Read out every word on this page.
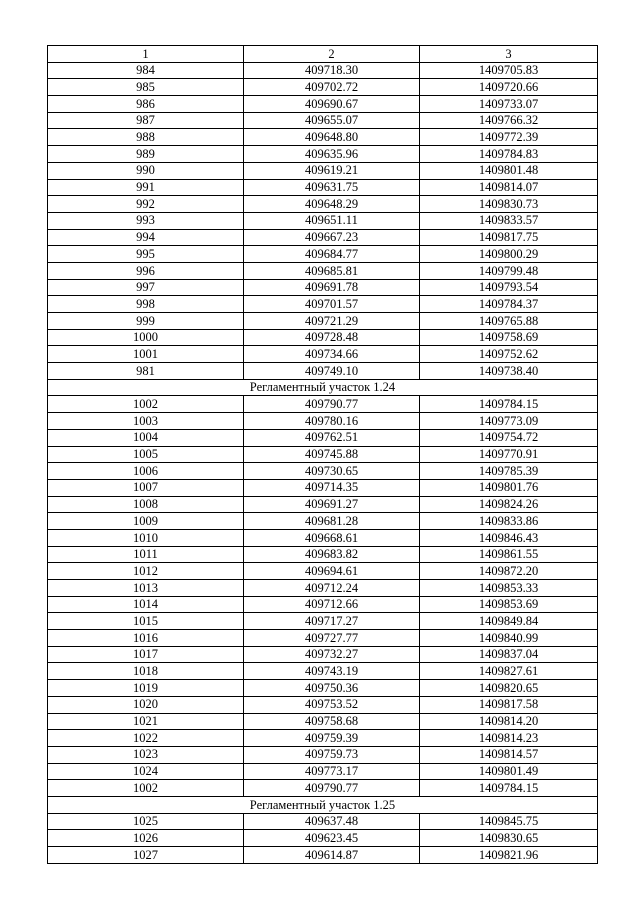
1	2	3
984	409718.30	1409705.83
985	409702.72	1409720.66
986	409690.67	1409733.07
987	409655.07	1409766.32
988	409648.80	1409772.39
989	409635.96	1409784.83
990	409619.21	1409801.48
991	409631.75	1409814.07
992	409648.29	1409830.73
993	409651.11	1409833.57
994	409667.23	1409817.75
995	409684.77	1409800.29
996	409685.81	1409799.48
997	409691.78	1409793.54
998	409701.57	1409784.37
999	409721.29	1409765.88
1000	409728.48	1409758.69
1001	409734.66	1409752.62
981	409749.10	1409738.40
Регламентный участок 1.24		
1002	409790.77	1409784.15
1003	409780.16	1409773.09
1004	409762.51	1409754.72
1005	409745.88	1409770.91
1006	409730.65	1409785.39
1007	409714.35	1409801.76
1008	409691.27	1409824.26
1009	409681.28	1409833.86
1010	409668.61	1409846.43
1011	409683.82	1409861.55
1012	409694.61	1409872.20
1013	409712.24	1409853.33
1014	409712.66	1409853.69
1015	409717.27	1409849.84
1016	409727.77	1409840.99
1017	409732.27	1409837.04
1018	409743.19	1409827.61
1019	409750.36	1409820.65
1020	409753.52	1409817.58
1021	409758.68	1409814.20
1022	409759.39	1409814.23
1023	409759.73	1409814.57
1024	409773.17	1409801.49
1002	409790.77	1409784.15
Регламентный участок 1.25		
1025	409637.48	1409845.75
1026	409623.45	1409830.65
1027	409614.87	1409821.96
